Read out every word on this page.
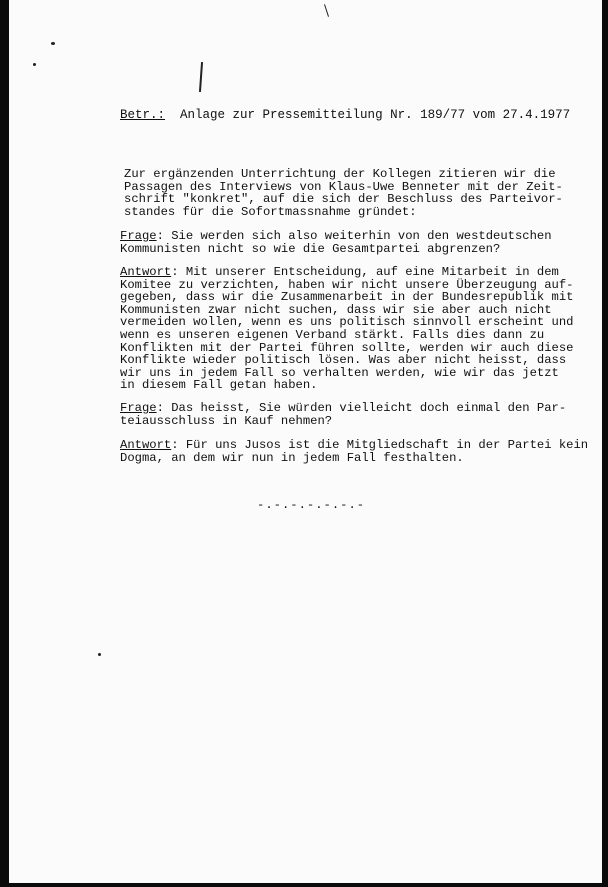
Betr.: Anlage zur Pressemitteilung Nr. 189/77 vom 27.4.1977
Zur ergänzenden Unterrichtung der Kollegen zitieren wir die
Passagen des Interviews von Klaus-Uwe Benneter mit der Zeit-
schrift "konkret", auf die sich der Beschluss des Parteivor-
standes für die Sofortmassnahme gründet:
Frage: Sie werden sich also weiterhin von den westdeutschen
Kommunisten nicht so wie die Gesamtpartei abgrenzen?
Antwort: Mit unserer Entscheidung, auf eine Mitarbeit in dem
Komitee zu verzichten, haben wir nicht unsere Überzeugung auf-
gegeben, dass wir die Zusammenarbeit in der Bundesrepublik mit
Kommunisten zwar nicht suchen, dass wir sie aber auch nicht
vermeiden wollen, wenn es uns politisch sinnvoll erscheint und
wenn es unseren eigenen Verband stärkt. Falls dies dann zu
Konflikten mit der Partei führen sollte, werden wir auch diese
Konflikte wieder politisch lösen. Was aber nicht heisst, dass
wir uns in jedem Fall so verhalten werden, wie wir das jetzt
in diesem Fall getan haben.
Frage: Das heisst, Sie würden vielleicht doch einmal den Par-
teiausschluss in Kauf nehmen?
Antwort: Für uns Jusos ist die Mitgliedschaft in der Partei kein
Dogma, an dem wir nun in jedem Fall festhalten.
-.-.-.-.-.-.-
